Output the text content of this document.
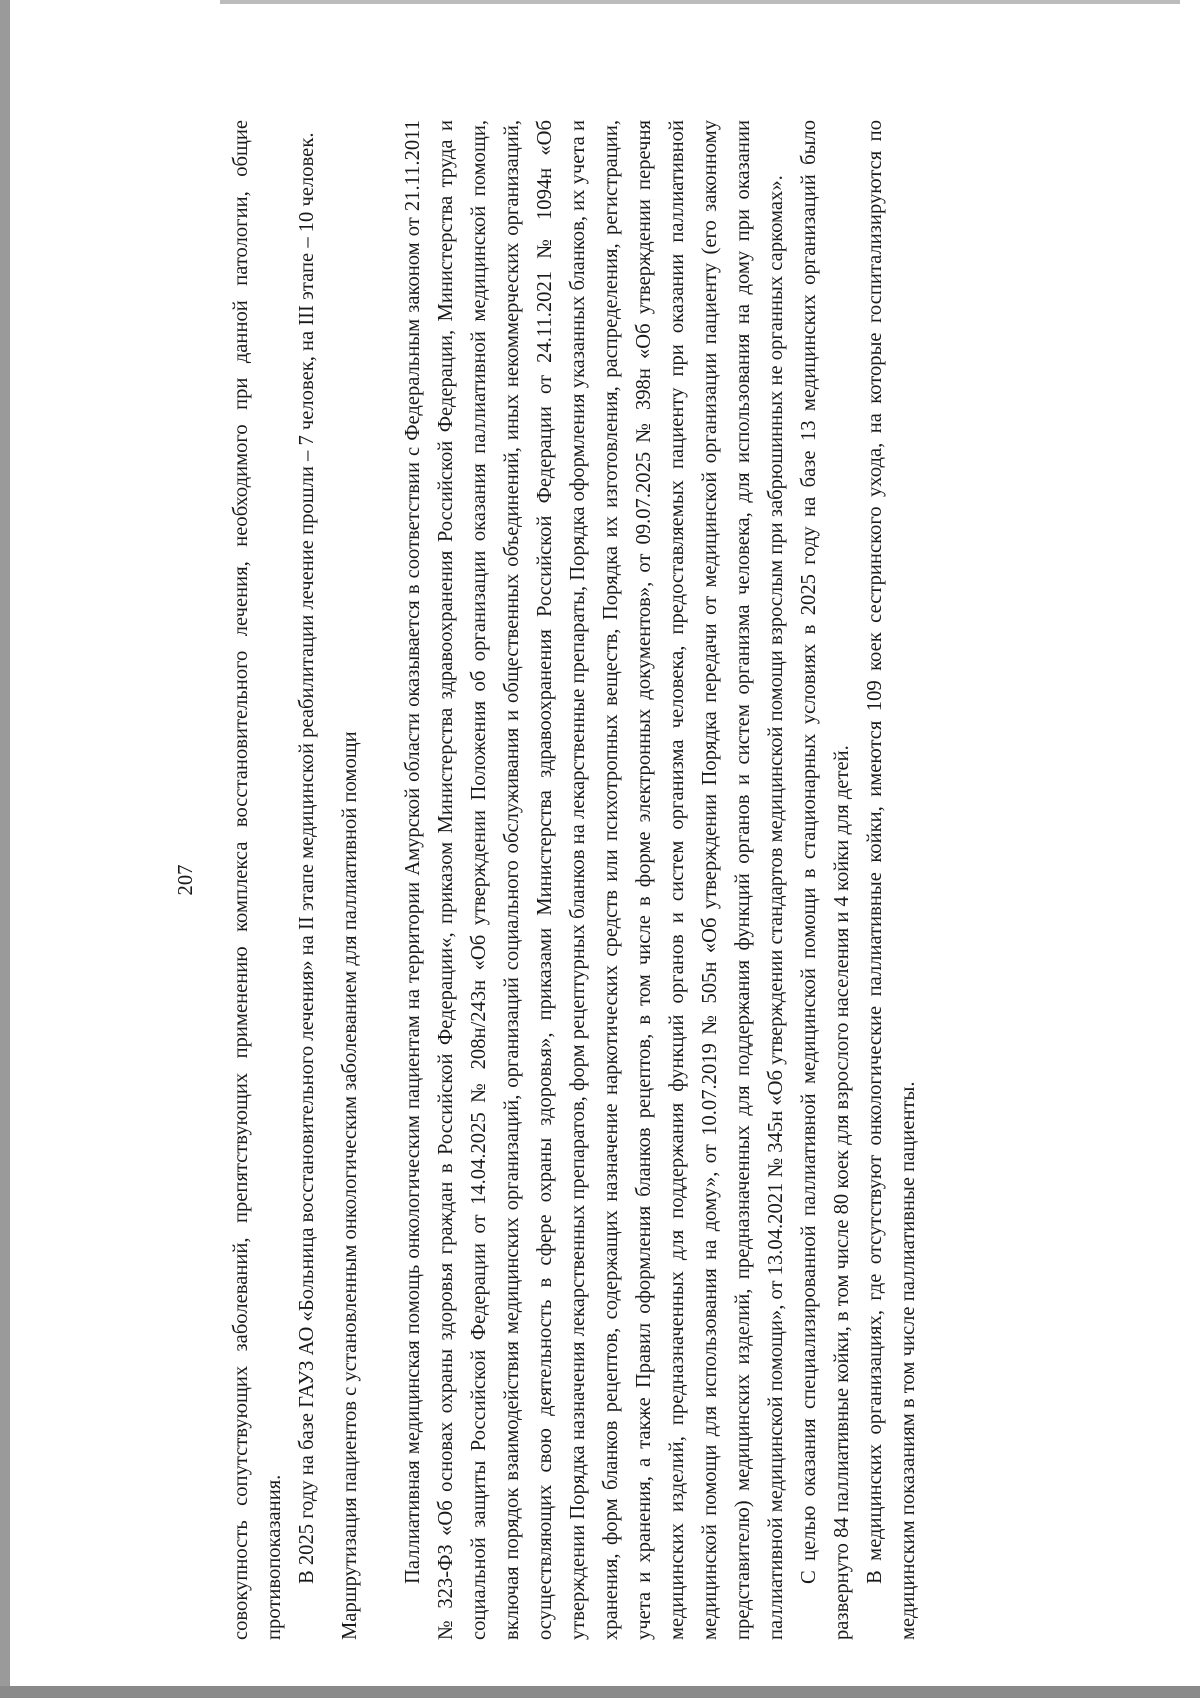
207 совокупность сопутствующих заболеваний, препятствующих применению комплекса восстановительного лечения, необходимого при данной патологии, общие противопоказания. В 2025 году на базе ГАУЗ АО «Больница восстановительного лечения» на II этапе медицинской реабилитации лечение прошли – 7 человек, на III этапе – 10 человек. Маршрутизация пациентов с установленным онкологическим заболеванием для паллиативной помощи Паллиативная медицинская помощь онкологическим пациентам на территории Амурской области оказывается в соответствии с Федеральным законом от 21.11.2011 № 323-ФЗ «Об основах охраны здоровья граждан в Российской Федерации«, приказом Министерства здравоохранения Российской Федерации, Министерства труда и социальной защиты Российской Федерации от 14.04.2025 № 208н/243н «Об утверждении Положения об организации оказания паллиативной медицинской помощи, включая порядок взаимодействия медицинских организаций, организаций социального обслуживания и общественных объединений, иных некоммерческих организаций, осуществляющих свою деятельность в сфере охраны здоровья», приказами Министерства здравоохранения Российской Федерации от 24.11.2021 № 1094н «Об утверждении Порядка назначения лекарственных препаратов, форм рецептурных бланков на лекарственные препараты, Порядка оформления указанных бланков, их учета и хранения, форм бланков рецептов, содержащих назначение наркотических средств или психотропных веществ, Порядка их изготовления, распределения, регистрации, учета и хранения, а также Правил оформления бланков рецептов, в том числе в форме электронных документов», от 09.07.2025 № 398н «Об утверждении перечня медицинских изделий, предназначенных для поддержания функций органов и систем организма человека, предоставляемых пациенту при оказании паллиативной медицинской помощи для использования на дому», от 10.07.2019 № 505н «Об утверждении Порядка передачи от медицинской организации пациенту (его законному представителю) медицинских изделий, предназначенных для поддержания функций органов и систем организма человека, для использования на дому при оказании паллиативной медицинской помощи», от 13.04.2021 № 345н «Об утверждении стандартов медицинской помощи взрослым при забрюшинных не органных саркомах». С целью оказания специализированной паллиативной медицинской помощи в стационарных условиях в 2025 году на базе 13 медицинских организаций было развернуто 84 паллиативные койки, в том числе 80 коек для взрослого населения и 4 койки для детей. В медицинских организациях, где отсутствуют онкологические паллиативные койки, имеются 109 коек сестринского ухода, на которые госпитализируются по медицинским показаниям в том числе паллиативные пациенты.
